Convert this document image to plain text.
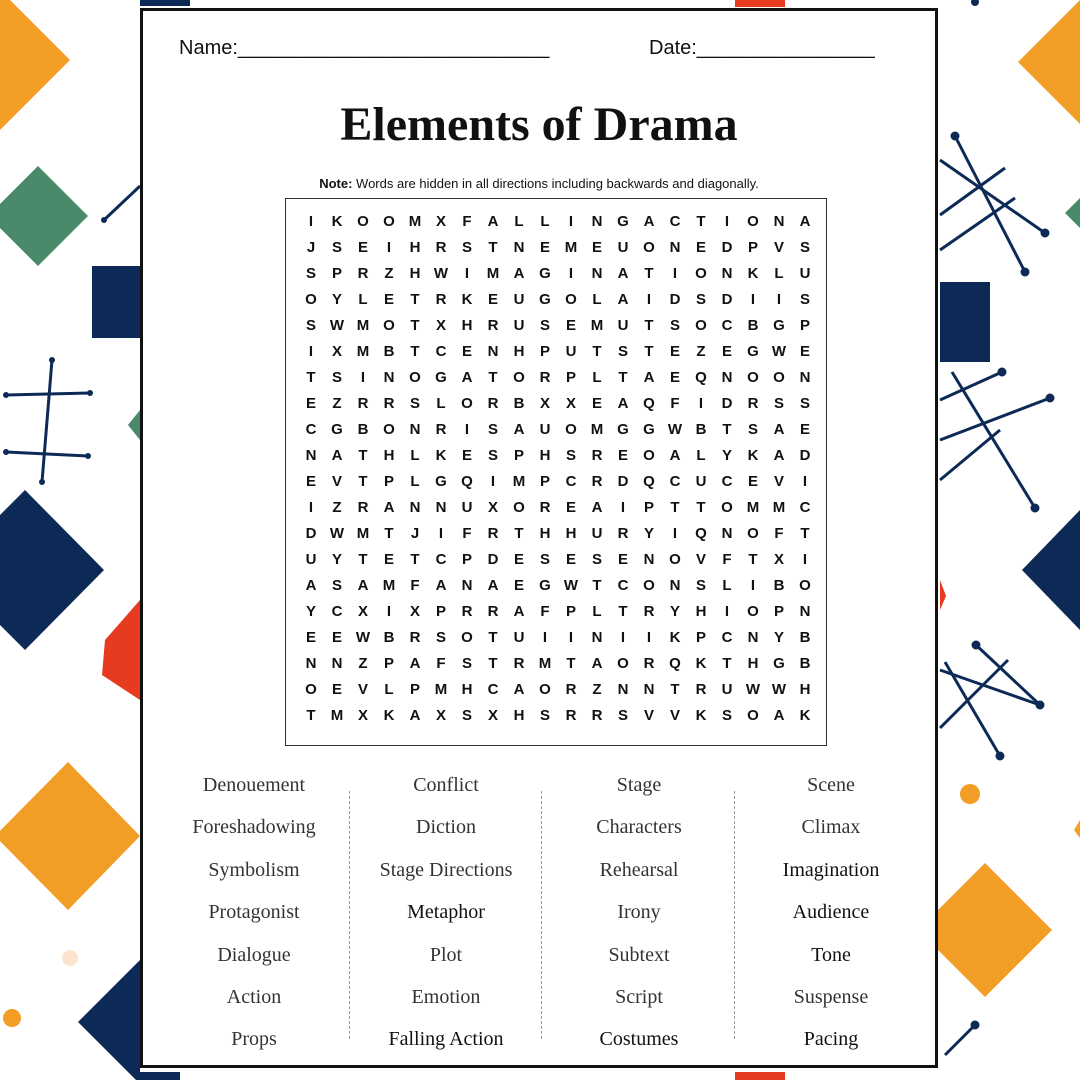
Name:____________________________	Date:________________
Elements of Drama
Note: Words are hidden in all directions including backwards and diagonally.
I	K O O M X	F	A	L	L	I	N G A	C	T	I	O N	A
J	S	E	I	H	R	S	T	N	E M E	U O N	E	D	P	V	S
S	P	R	Z	H W	I	M A G	I	N	A	T	I	O N	K	L	U
O	Y	L	E	T	R	K	E	U G O	L	A	I	D	S	D	I	I	S
S W M O	T	X	H	R	U	S	E M U	T	S	O C	B G	P
I	X M B	T	C	E	N	H	P	U	T	S	T	E	Z	E	G W E
T	S	I	N O G A	T	O R	P	L	T	A	E	Q N O O N
E	Z	R	R	S	L	O R	B	X	X	E	A Q	F	I	D	R	S	S
C G B O N	R	I	S	A	U O M G G W B	T	S	A	E
N	A	T	H	L	K	E	S	P	H	S	R	E	O A	L	Y	K	A	D
E	V	T	P	L	G Q	I	M P	C	R	D Q C	U	C	E	V	I
I	Z	R	A	N	N	U	X	O R	E	A	I	P	T	T	O M M C
D W M	T	J	I	F	R	T	H	H	U	R	Y	I	Q N O	F	T
U	Y	T	E	T	C	P	D	E	S	E	S	E	N O	V	F	T	X	I
A	S	A M	F	A	N	A	E	G W T	C O N	S	L	I	B O
Y	C	X	I	X	P	R	R	A	F	P	L	T	R	Y	H	I	O	P	N
E	E W B	R	S	O	T	U	I	I	N	I	I	K	P	C	N	Y	B
N	N	Z	P	A	F	S	T	R M	T	A O R Q K	T	H G B
O	E	V	L	P M H	C	A O R	Z	N	N	T	R	U W W H
T	M X	K	A	X	S	X	H	S	R	R	S	V	V	K	S	O A	K
Denouement
Foreshadowing
Symbolism
Protagonist
Dialogue
Action
Props
Conflict
Diction
Stage Directions
Metaphor
Plot
Emotion
Falling Action
Stage
Characters
Rehearsal
Irony
Subtext
Script
Costumes
Scene
Climax
Imagination
Audience
Tone
Suspense
Pacing
